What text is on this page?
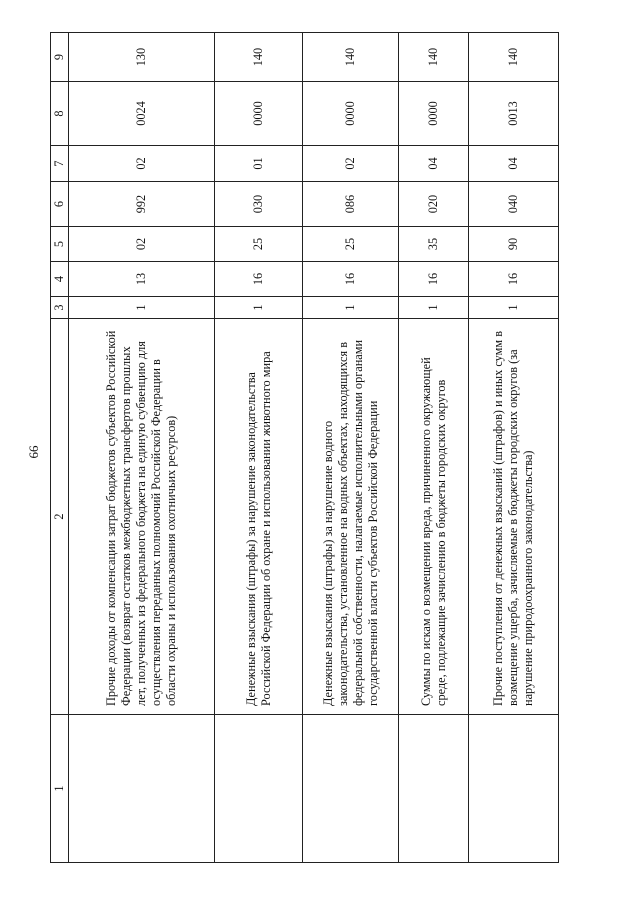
66
1	2	3	4	5	6	7	8	9
	Прочие доходы от компенсации затрат бюджетов субъектов Российской Федерации (возврат остатков межбюджетных трансфертов прошлых лет, полученных из федерального бюджета на единую субвенцию для осуществления переданных полномочий Российской Федерации в области охраны и использования охотничьих ресурсов)	1	13	02	992	02	0024	130
	Денежные взыскания (штрафы) за нарушение законодательства Российской Федерации об охране и использовании животного мира	1	16	25	030	01	0000	140
	Денежные взыскания (штрафы) за нарушение водного законодательства, установленное на водных объектах, находящихся в федеральной собственности, налагаемые исполнительными органами государственной власти субъектов Российской Федерации	1	16	25	086	02	0000	140
	Суммы по искам о возмещении вреда, причиненного окружающей среде, подлежащие зачислению в бюджеты городских округов	1	16	35	020	04	0000	140
	Прочие поступления от денежных взысканий (штрафов) и иных сумм в возмещение ущерба, зачисляемые в бюджеты городских округов (за нарушение природоохранного законодательства)	1	16	90	040	04	0013	140
